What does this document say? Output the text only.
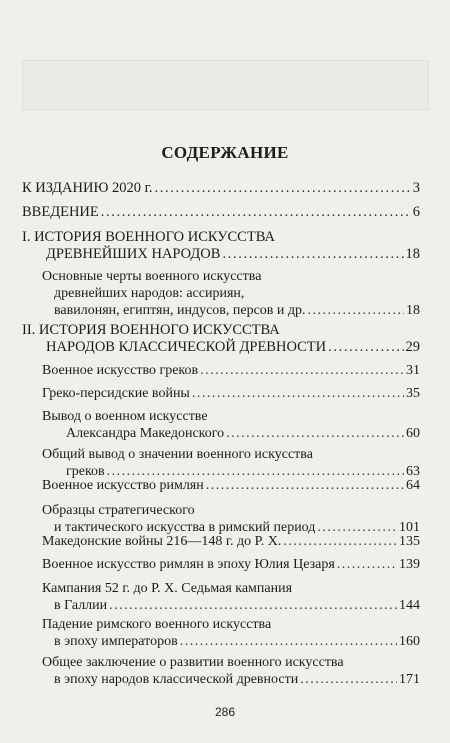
СОДЕРЖАНИЕ
К ИЗДАНИЮ 2020 г. . . .	3
ВВЕДЕНИЕ . . .	6
I. ИСТОРИЯ ВОЕННОГО ИСКУССТВА
ДРЕВНЕЙШИХ НАРОДОВ . . .	18
Основные черты военного искусства
древнейших народов: ассириян,
вавилонян, египтян, индусов, персов и др. . . .	18
II. ИСТОРИЯ ВОЕННОГО ИСКУССТВА
НАРОДОВ КЛАССИЧЕСКОЙ ДРЕВНОСТИ . . .	29
Военное искусство греков . . .	31
Греко-персидские войны . . .	35
Вывод о военном искусстве
Александра Македонского . . .	60
Общий вывод о значении военного искусства
греков . . .	63
Военное искусство римлян . . .	64
Образцы стратегического
и тактического искусства в римский период . . .	101
Македонские войны 216—148 г. до Р. Х. . . .	135
Военное искусство римлян в эпоху Юлия Цезаря . . .	139
Кампания 52 г. до Р. Х. Седьмая кампания
в Галлии . . .	144
Падение римского военного искусства
в эпоху императоров . . .	160
Общее заключение о развитии военного искусства
в эпоху народов классической древности . . .	171
286
